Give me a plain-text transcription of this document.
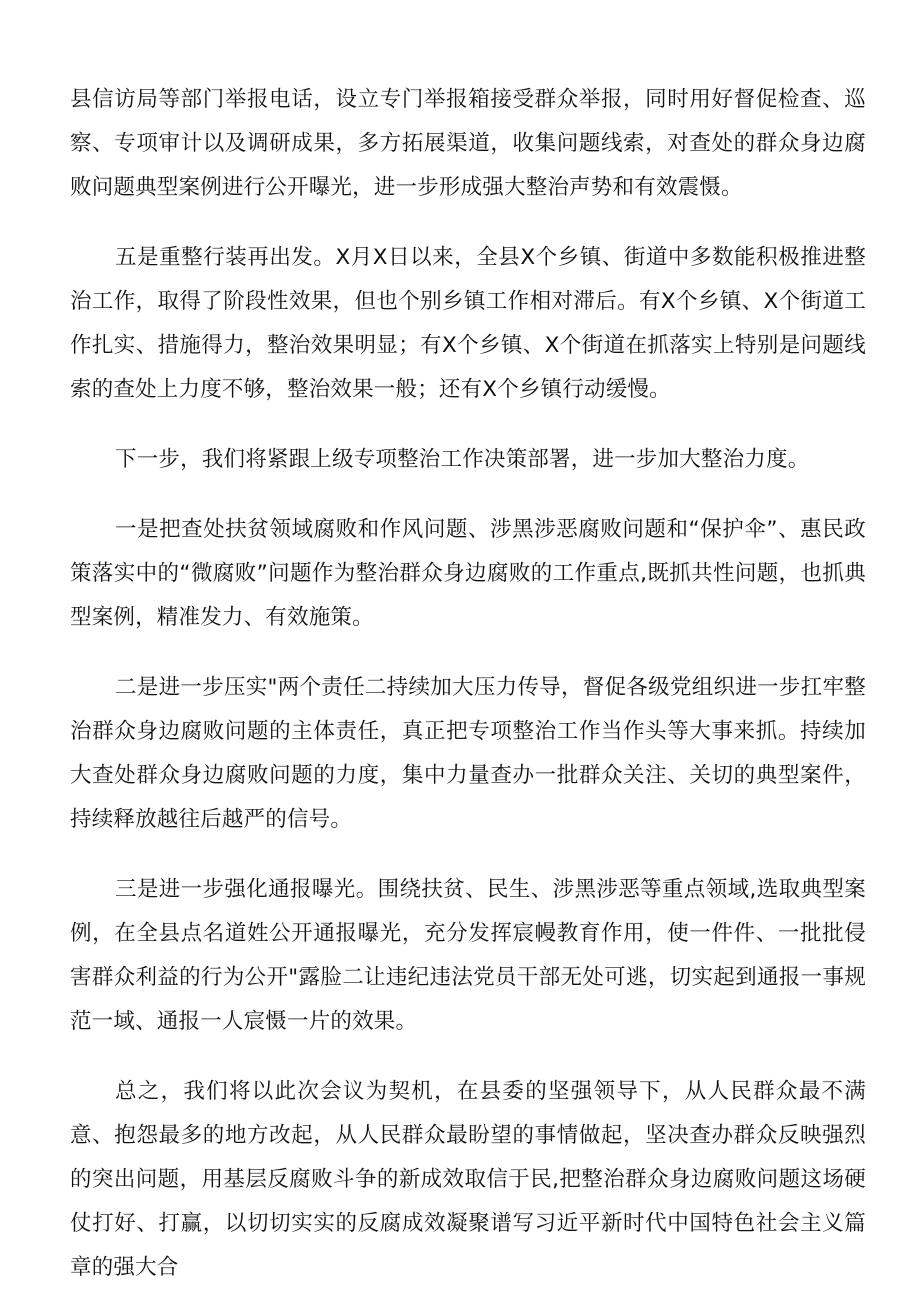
县信访局等部门举报电话，设立专门举报箱接受群众举报，同时用好督促检查、巡察、专项审计以及调研成果，多方拓展渠道，收集问题线索，对查处的群众身边腐败问题典型案例进行公开曝光，进一步形成强大整治声势和有效震慑。

五是重整行装再出发。X月X日以来，全县X个乡镇、街道中多数能积极推进整治工作，取得了阶段性效果，但也个别乡镇工作相对滞后。有X个乡镇、X个街道工作扎实、措施得力，整治效果明显；有X个乡镇、X个街道在抓落实上特别是问题线索的查处上力度不够，整治效果一般；还有X个乡镇行动缓慢。

下一步，我们将紧跟上级专项整治工作决策部署，进一步加大整治力度。

一是把查处扶贫领域腐败和作风问题、涉黑涉恶腐败问题和“保护伞”、惠民政策落实中的“微腐败”问题作为整治群众身边腐败的工作重点,既抓共性问题，也抓典型案例，精准发力、有效施策。

二是进一步压实"两个责任二持续加大压力传导，督促各级党组织进一步扛牢整治群众身边腐败问题的主体责任，真正把专项整治工作当作头等大事来抓。持续加大查处群众身边腐败问题的力度，集中力量查办一批群众关注、关切的典型案件，持续释放越往后越严的信号。

三是进一步强化通报曝光。围绕扶贫、民生、涉黑涉恶等重点领域,选取典型案例，在全县点名道姓公开通报曝光，充分发挥宸幔教育作用，使一件件、一批批侵害群众利益的行为公开"露脸二让违纪违法党员干部无处可逃，切实起到通报一事规范一域、通报一人宸慑一片的效果。

总之，我们将以此次会议为契机，在县委的坚强领导下，从人民群众最不满意、抱怨最多的地方改起，从人民群众最盼望的事情做起，坚决查办群众反映强烈的突出问题，用基层反腐败斗争的新成效取信于民,把整治群众身边腐败问题这场硬仗打好、打赢，以切切实实的反腐成效凝聚谱写习近平新时代中国特色社会主义篇章的强大合
